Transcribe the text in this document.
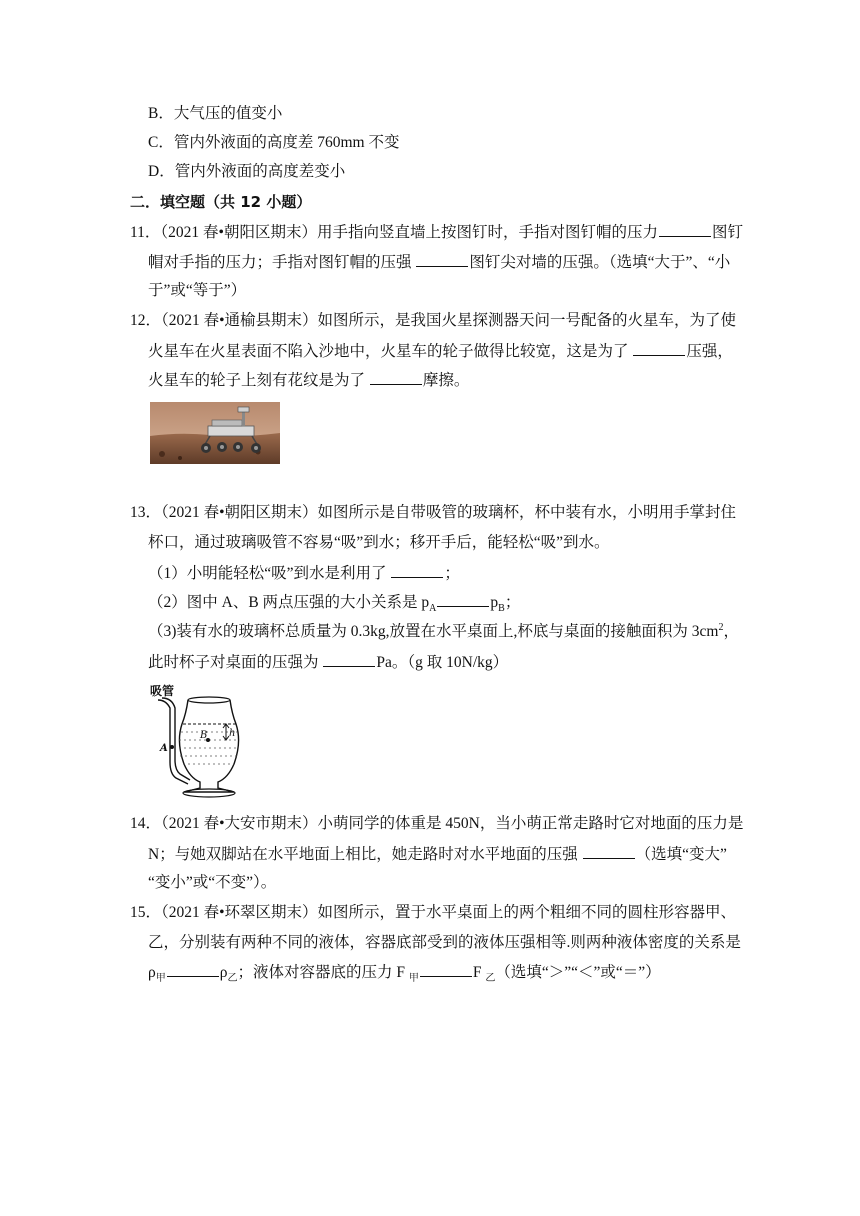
B．大气压的值变小
C．管内外液面的高度差 760mm 不变
D．管内外液面的高度差变小
二．填空题（共 12 小题）
11．（2021 春•朝阳区期末）用手指向竖直墙上按图钉时，手指对图钉帽的压力	图钉
帽对手指的压力；手指对图钉帽的压强	图钉尖对墙的压强。（选填“大于”、“小
于”或“等于”）
12．（2021 春•通榆县期末）如图所示，是我国火星探测器天问一号配备的火星车，为了使
火星车在火星表面不陷入沙地中，火星车的轮子做得比较宽，这是为了	压强，
火星车的轮子上刻有花纹是为了	摩擦。
13．（2021 春•朝阳区期末）如图所示是自带吸管的玻璃杯，杯中装有水，小明用手掌封住
杯口，通过玻璃吸管不容易“吸”到水；移开手后，能轻松“吸”到水。
（1）小明能轻松“吸”到水是利用了	；
（2）图中 A、B 两点压强的大小关系是 $p_A$	$p_B$；
（3)装有水的玻璃杯总质量为 0.3kg,放置在水平桌面上,杯底与桌面的接触面积为 $3cm^2$，
此时杯子对桌面的压强为	Pa。（g 取 10N/kg）
吸管
B
A
h
14．（2021 春•大安市期末）小萌同学的体重是 450N，当小萌正常走路时它对地面的压力是
N；与她双脚站在水平地面上相比，她走路时对水平地面的压强	（选填“变大”
“变小”或“不变”）。
15．（2021 春•环翠区期末）如图所示，置于水平桌面上的两个粗细不同的圆柱形容器甲、
乙，分别装有两种不同的液体，容器底部受到的液体压强相等.则两种液体密度的关系是
$\rho_甲$	$\rho_乙$；液体对容器底的压力 F $_甲$	F $_乙$（选填“＞”“＜”或“＝”）
